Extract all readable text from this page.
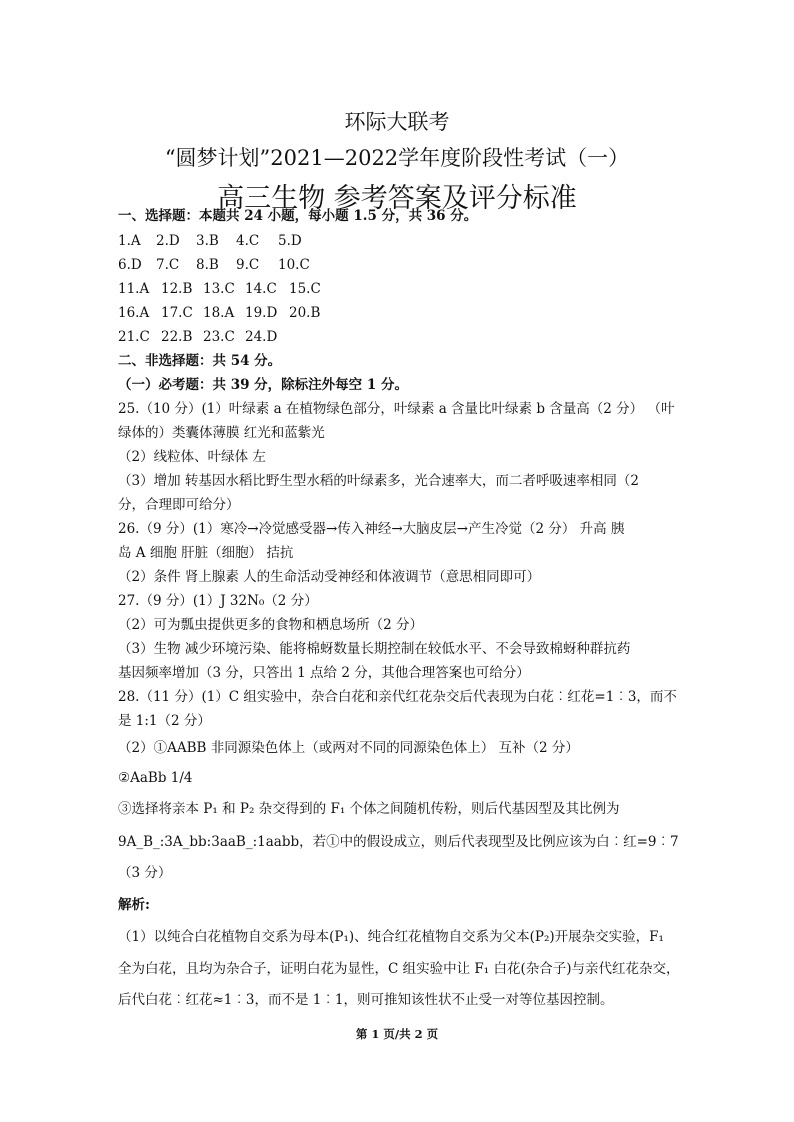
环际大联考
“圆梦计划”2021—2022学年度阶段性考试（一）
高三生物 参考答案及评分标准
一、选择题：本题共 24 小题，每小题 1.5 分，共 36 分。
1.A 2.D 3.B 4.C 5.D
6.D 7.C 8.B 9.C 10.C
11.A 12.B 13.C 14.C 15.C
16.A 17.C 18.A 19.D 20.B
21.C 22.B 23.C 24.D
二、非选择题：共 54 分。
（一）必考题：共 39 分，除标注外每空 1 分。
25.（10 分）(1）叶绿素 a 在植物绿色部分，叶绿素 a 含量比叶绿素 b 含量高（2 分） （叶
绿体的）类囊体薄膜 红光和蓝紫光
（2）线粒体、叶绿体 左
（3）增加 转基因水稻比野生型水稻的叶绿素多，光合速率大，而二者呼吸速率相同（2
分，合理即可给分）
26.（9 分）(1）寒冷→冷觉感受器→传入神经→大脑皮层→产生冷觉（2 分） 升高 胰
岛 A 细胞 肝脏（细胞） 拮抗
（2）条件 肾上腺素 人的生命活动受神经和体液调节（意思相同即可）
27.（9 分）(1）J 32N₀（2 分）
（2）可为瓢虫提供更多的食物和栖息场所（2 分）
（3）生物 减少环境污染、能将棉蚜数量长期控制在较低水平、不会导致棉蚜种群抗药
基因频率增加（3 分，只答出 1 点给 2 分，其他合理答案也可给分）
28.（11 分）(1）C 组实验中，杂合白花和亲代红花杂交后代表现为白花︰红花=1︰3，而不
是 1:1（2 分）
（2）①AABB 非同源染色体上（或两对不同的同源染色体上） 互补（2 分）
②AaBb 1/4
③选择将亲本 P₁ 和 P₂ 杂交得到的 F₁ 个体之间随机传粉，则后代基因型及其比例为
9A_B_:3A_bb:3aaB_:1aabb，若①中的假设成立，则后代表现型及比例应该为白︰红=9︰7
（3 分）
解析:
（1）以纯合白花植物自交系为母本(P₁)、纯合红花植物自交系为父本(P₂)开展杂交实验，F₁
全为白花，且均为杂合子，证明白花为显性，C 组实验中让 F₁ 白花(杂合子)与亲代红花杂交，
后代白花︰红花≈1︰3，而不是 1︰1，则可推知该性状不止受一对等位基因控制。
第 1 页/共 2 页
